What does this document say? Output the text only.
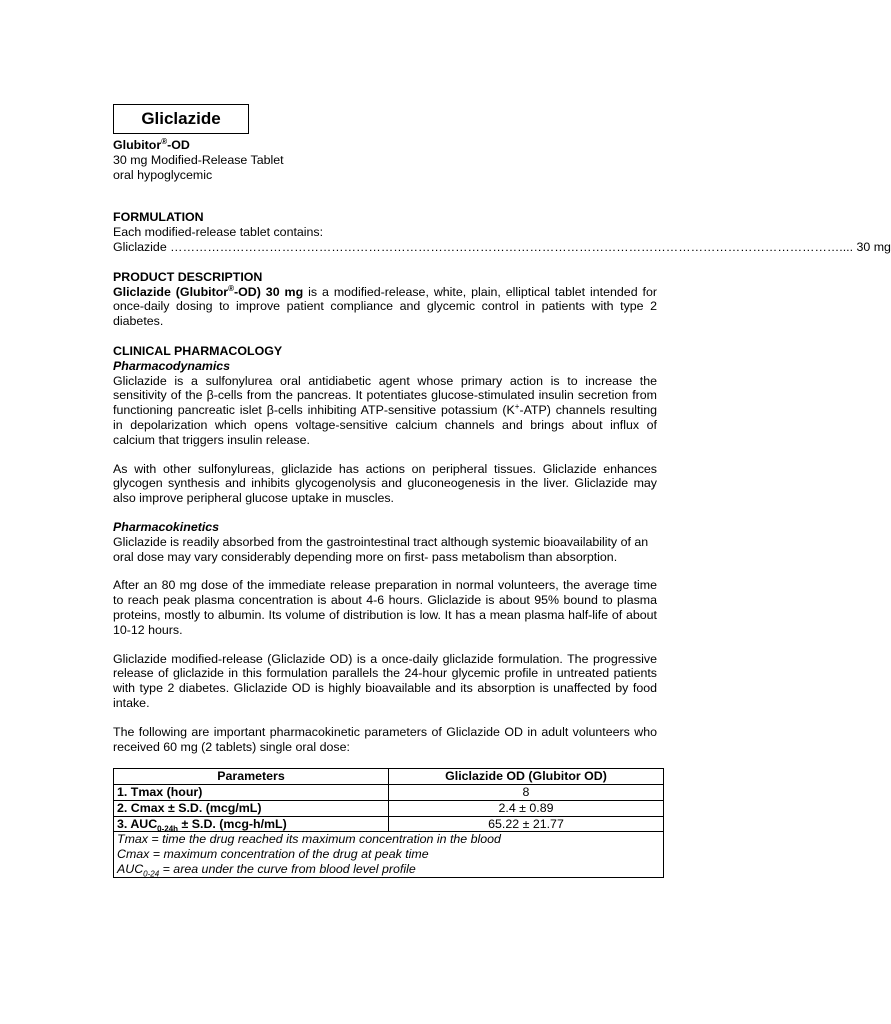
Gliclazide

Glubitor®-OD

30 mg Modified-Release Tablet

oral hypoglycemic

FORMULATION

Each modified-release tablet contains:

Gliclazide
……………………………………………………………………………………………………………………………………………… .... 30 mg

PRODUCT DESCRIPTION

Gliclazide (Glubitor®-OD) 30 mg is a modified-release, white, plain, elliptical tablet intended for once-daily dosing to improve patient compliance and glycemic control in patients with type 2 diabetes.

CLINICAL PHARMACOLOGY

Pharmacodynamics

Gliclazide is a sulfonylurea oral antidiabetic agent whose primary action is to increase the sensitivity of the β-cells from the pancreas. It potentiates glucose-stimulated insulin secretion from functioning pancreatic islet β-cells inhibiting ATP-sensitive potassium (K+-ATP) channels resulting in depolarization which opens voltage-sensitive calcium channels and brings about influx of calcium that triggers insulin release.

As with other sulfonylureas, gliclazide has actions on peripheral tissues. Gliclazide enhances glycogen synthesis and inhibits glycogenolysis and gluconeogenesis in the liver. Gliclazide may also improve peripheral glucose uptake in muscles.

Pharmacokinetics

Gliclazide is readily absorbed from the gastrointestinal tract although systemic bioavailability of an oral dose may vary considerably depending more on first- pass metabolism than absorption.

After an 80 mg dose of the immediate release preparation in normal volunteers, the average time to reach peak plasma concentration is about 4-6 hours. Gliclazide is about 95% bound to plasma proteins, mostly to albumin. Its volume of distribution is low. It has a mean plasma half-life of about 10-12 hours.

Gliclazide modified-release (Gliclazide OD) is a once-daily gliclazide formulation. The progressive release of gliclazide in this formulation parallels the 24-hour glycemic profile in untreated patients with type 2 diabetes. Gliclazide OD is highly bioavailable and its absorption is unaffected by food intake.

The following are important pharmacokinetic parameters of Gliclazide OD in adult volunteers who received 60 mg (2 tablets) single oral dose:

Parameters	Gliclazide OD (Glubitor OD)
1. Tmax (hour)	8
2. Cmax ± S.D. (mcg/mL)	2.4 ± 0.89
3. $AUC_{0-24h} \pm S.D$. (mcg-h/mL)	65.22 ± 21.77

Tmax = time the drug reached its maximum concentration in the blood
Cmax = maximum concentration of the drug at peak time
$AUC_{0-24}$ = area under the curve from blood level profile	
